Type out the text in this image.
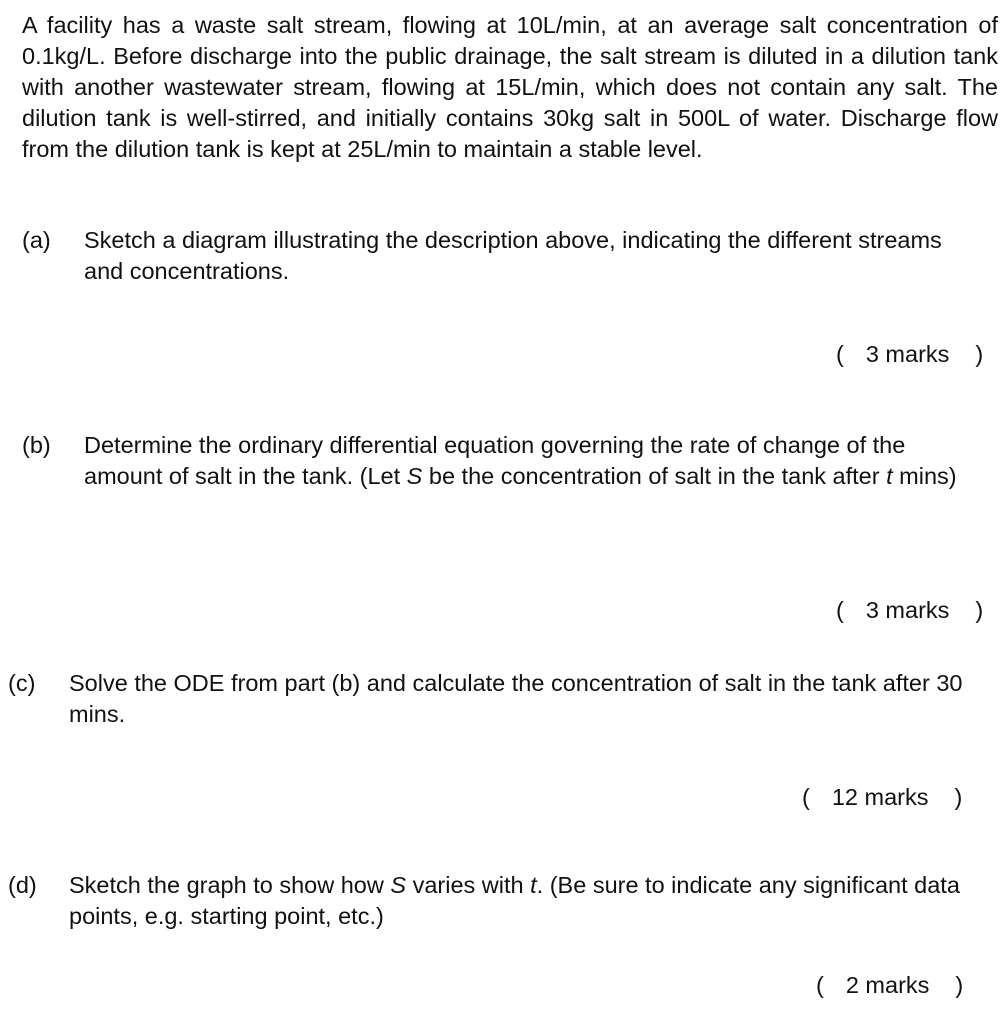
A facility has a waste salt stream, flowing at 10L/min, at an average salt concentration of 0.1kg/L. Before discharge into the public drainage, the salt stream is diluted in a dilution tank with another wastewater stream, flowing at 15L/min, which does not contain any salt. The dilution tank is well-stirred, and initially contains 30kg salt in 500L of water. Discharge flow from the dilution tank is kept at 25L/min to maintain a stable level.
(a) Sketch a diagram illustrating the description above, indicating the different streams and concentrations.
( 3 marks )
(b) Determine the ordinary differential equation governing the rate of change of the amount of salt in the tank. (Let S be the concentration of salt in the tank after t mins)
( 3 marks )
(c) Solve the ODE from part (b) and calculate the concentration of salt in the tank after 30 mins.
( 12 marks )
(d) Sketch the graph to show how S varies with t. (Be sure to indicate any significant data points, e.g. starting point, etc.)
( 2 marks )
